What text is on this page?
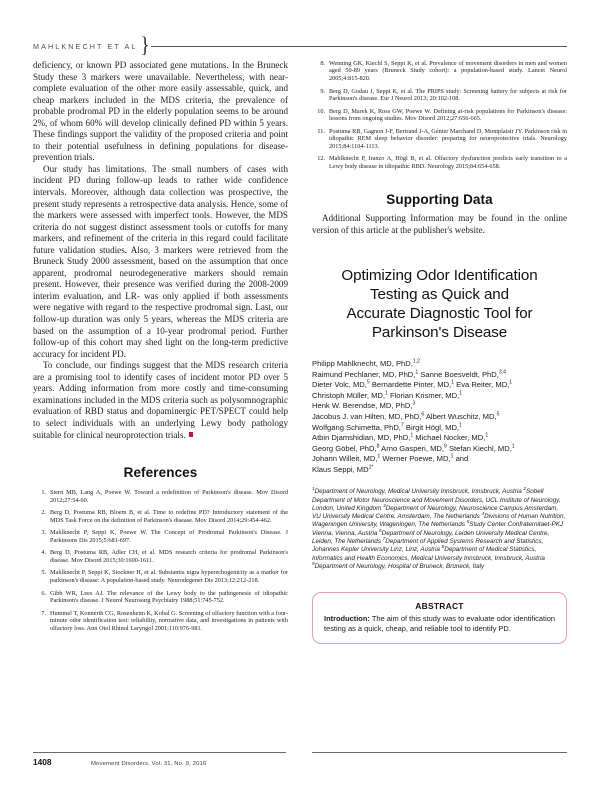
MAHLKNECHT ET AL }

deficiency, or known PD associated gene mutations. In the Bruneck Study these 3 markers were unavailable. Nevertheless, with near-complete evaluation of the other more easily assessable, quick, and cheap markers included in the MDS criteria, the prevalence of probable prodromal PD in the elderly population seems to be around 2%, of whom 60% will develop clinically defined PD within 5 years. These findings support the validity of the proposed criteria and point to their potential usefulness in defining populations for disease-prevention trials.

Our study has limitations. The small numbers of cases with incident PD during follow-up leads to rather wide confidence intervals. Moreover, although data collection was prospective, the present study represents a retrospective data analysis. Hence, some of the markers were assessed with imperfect tools. However, the MDS criteria do not suggest distinct assessment tools or cutoffs for many markers, and refinement of the criteria in this regard could facilitate future validation studies. Also, 3 markers were retrieved from the Bruneck Study 2000 assessment, based on the assumption that once apparent, prodromal neurodegenerative markers should remain present. However, their presence was verified during the 2008-2009 interim evaluation, and LR- was only applied if both assessments were negative with regard to the respective prodromal sign. Last, our follow-up duration was only 5 years, whereas the MDS criteria are based on the assumption of a 10-year prodromal period. Further follow-up of this cohort may shed light on the long-term predictive accuracy for incident PD.

To conclude, our findings suggest that the MDS research criteria are a promising tool to identify cases of incident motor PD over 5 years. Adding information from more costly and time-consuming examinations included in the MDS criteria such as polysomnographic evaluation of RBD status and dopaminergic PET/SPECT could help to select individuals with an underlying Lewy body pathology suitable for clinical neuroprotection trials.

References
1. Stern MB, Lang A, Poewe W. Toward a redefinition of Parkinson's disease. Mov Disord 2012;27:54-60.
2. Berg D, Postuma RB, Bloem B, et al. Time to redefine PD? Introductory statement of the MDS Task Force on the definition of Parkinson's disease. Mov Disord 2014;29:454-462.
3. Mahlknecht P, Seppi K, Poewe W. The Concept of Prodromal Parkinson's Disease. J Parkinsons Dis 2015;5:681-697.
4. Berg D, Postuma RB, Adler CH, et al. MDS research criteria for prodromal Parkinson's disease. Mov Disord 2015;30:1600-1611.
5. Mahlknecht P, Seppi K, Stockner H, et al. Substantia nigra hyperechogenicity as a marker for parkinson's disease: A population-based study. Neurodegener Dis 2013;12:212-218.
6. Gibb WR, Lees AJ. The relevance of the Lewy body to the pathogenesis of idiopathic Parkinson's disease. J Neurol Neurosurg Psychiatry 1988;51:745-752.
7. Hummel T, Konnerth CG, Rosenheim K, Kobal G. Screening of olfactory function with a four-minute odor identification test: reliability, normative data, and investigations in patients with olfactory loss. Ann Otol Rhinol Laryngol 2001;110:976-981.
8. Wenning GK, Kiechl S, Seppi K, et al. Prevalence of movement disorders in men and women aged 50-89 years (Bruneck Study cohort): a population-based study. Lancet Neurol 2005;4:815-820.
9. Berg D, Godau J, Seppi K, et al. The PRIPS study: Screening battery for subjects at risk for Parkinson's disease. Eur J Neurol 2013; 20:102-108.
10. Berg D, Marek K, Ross GW, Poewe W. Defining at-risk populations for Parkinson's disease: lessons from ongoing studies. Mov Disord 2012;27:656-665.
11. Postuma RB, Gagnon J-F, Bertrand J-A, Génier Marchand D, Montplaisir JY. Parkinson risk in idiopathic REM sleep behavior disorder: preparing for neuroprotective trials. Neurology 2015;84:1104-1113.
12. Mahlknecht P, Iranzo A, Högl B, et al. Olfactory dysfunction predicts early transition to a Lewy body disease in idiopathic RBD. Neurology 2015;84:654-658.
Supporting Data

Additional Supporting Information may be found in the online version of this article at the publisher's website.

Optimizing Odor Identification
Testing as Quick and
Accurate Diagnostic Tool for
Parkinson's Disease
Philipp Mahlknecht, MD, PhD,$^{1,2}$
Raimund Pechlaner, MD, PhD,$^1$ Sanne Boesveldt, PhD,$^{3,4}$
Dieter Volc, MD,$^5$ Bernardette Pinter, MD,$^1$ Eva Reiter, MD,$^1$
Christoph Müller, MD,$^1$ Florian Krismer, MD,$^1$
Henk W. Berendse, MD, PhD,$^3$
Jacobus J. van Hilten, MD, PhD,$^6$ Albert Wuschitz, MD,$^5$
Wolfgang Schimetta, PhD,$^7$ Birgit Högl, MD,$^1$
Atbin Djamshidian, MD, PhD,$^1$ Michael Nocker, MD,$^1$
Georg Göbel, PhD,$^8$ Arno Gasperi, MD,$^9$ Stefan Kiechl, MD,$^1$
Johann Willeit, MD,$^1$ Werner Poewe, MD,$^1$ and
Klaus Seppi, $MD^{1*}$
$^1$Department of Neurology, Medical University Innsbruck, Innsbruck, Austria $^2$Sobell Department of Motor Neuroscience and Movement Disorders, UCL Institute of Neurology, London, United Kingdom $^3$Department of Neurology, Neuroscience Campus Amsterdam, VU University Medical Centre, Amsterdam, The Netherlands $^4$Divisions of Human Nutrition, Wageningen University, Wageningen, The Netherlands $^5$Study Center Confraternitaet-PKJ Vienna, Vienna, Austria $^6$Department of Neurology, Leiden University Medical Centre, Leiden, The Netherlands $^7$Department of Applied Systems Research and Statistics, Johannes Kepler University Linz, Linz, Austria $^8$Department of Medical Statistics, Informatics and Health Economics, Medical University Innsbruck, Innsbruck, Austria $^9$Department of Neurology, Hospital of Bruneck, Bruneck, Italy
ABSTRACT

Introduction: The aim of this study was to evaluate odor identification testing as a quick, cheap, and reliable tool to identify PD.

1408	Movement Disorders, Vol. 31, No. 9, 2016
